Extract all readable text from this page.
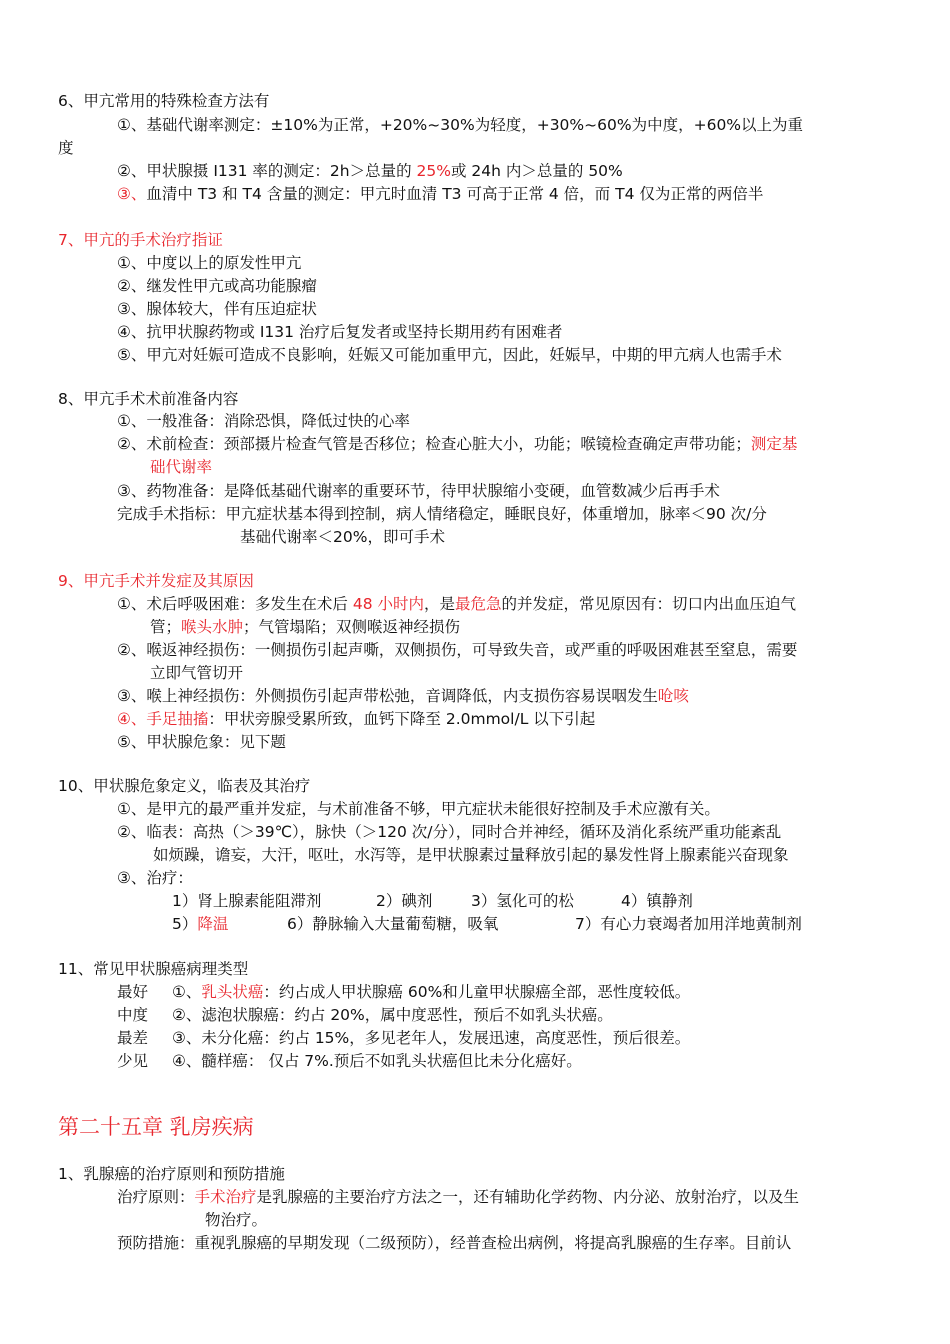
6、甲亢常用的特殊检查方法有
①、基础代谢率测定：±10%为正常，+20%~30%为轻度，+30%~60%为中度，+60%以上为重
度
②、甲状腺摄 I131 率的测定：2h＞总量的 25%或 24h 内＞总量的 50%
③、血清中 T3 和 T4 含量的测定：甲亢时血清 T3 可高于正常 4 倍，而 T4 仅为正常的两倍半
7、甲亢的手术治疗指证
①、中度以上的原发性甲亢
②、继发性甲亢或高功能腺瘤
③、腺体较大，伴有压迫症状
④、抗甲状腺药物或 I131 治疗后复发者或坚持长期用药有困难者
⑤、甲亢对妊娠可造成不良影响，妊娠又可能加重甲亢，因此，妊娠早，中期的甲亢病人也需手术
8、甲亢手术术前准备内容
①、一般准备：消除恐惧，降低过快的心率
②、术前检查：颈部摄片检查气管是否移位；检查心脏大小，功能；喉镜检查确定声带功能；测定基
础代谢率
③、药物准备：是降低基础代谢率的重要环节，待甲状腺缩小变硬，血管数减少后再手术
完成手术指标：甲亢症状基本得到控制，病人情绪稳定，睡眠良好，体重增加，脉率＜90 次/分
基础代谢率＜20%，即可手术
9、甲亢手术并发症及其原因
①、术后呼吸困难：多发生在术后 48 小时内，是最危急的并发症，常见原因有：切口内出血压迫气
管；喉头水肿；气管塌陷；双侧喉返神经损伤
②、喉返神经损伤：一侧损伤引起声嘶，双侧损伤，可导致失音，或严重的呼吸困难甚至窒息，需要
立即气管切开
③、喉上神经损伤：外侧损伤引起声带松弛，音调降低，内支损伤容易误咽发生呛咳
④、手足抽搐：甲状旁腺受累所致，血钙下降至 2.0mmol/L 以下引起
⑤、甲状腺危象：见下题
10、甲状腺危象定义，临表及其治疗
①、是甲亢的最严重并发症，与术前准备不够，甲亢症状未能很好控制及手术应激有关。
②、临表：高热（＞39℃），脉快（＞120 次/分），同时合并神经，循环及消化系统严重功能紊乱
如烦躁，谵妄，大汗，呕吐，水泻等，是甲状腺素过量释放引起的暴发性肾上腺素能兴奋现象
③、治疗：
1）肾上腺素能阻滞剂	2）碘剂 3）氢化可的松	4）镇静剂
5）降温	6）静脉输入大量葡萄糖，吸氧	7）有心力衰竭者加用洋地黄制剂
11、常见甲状腺癌病理类型
最好 ①、乳头状癌：约占成人甲状腺癌 60%和儿童甲状腺癌全部，恶性度较低。
中度 ②、滤泡状腺癌：约占 20%，属中度恶性，预后不如乳头状癌。
最差 ③、未分化癌：约占 15%，多见老年人，发展迅速，高度恶性，预后很差。
少见 ④、髓样癌： 仅占 7%.预后不如乳头状癌但比未分化癌好。
第二十五章 乳房疾病
1、乳腺癌的治疗原则和预防措施
治疗原则：手术治疗是乳腺癌的主要治疗方法之一，还有辅助化学药物、内分泌、放射治疗，以及生
物治疗。
预防措施：重视乳腺癌的早期发现（二级预防），经普查检出病例，将提高乳腺癌的生存率。目前认
